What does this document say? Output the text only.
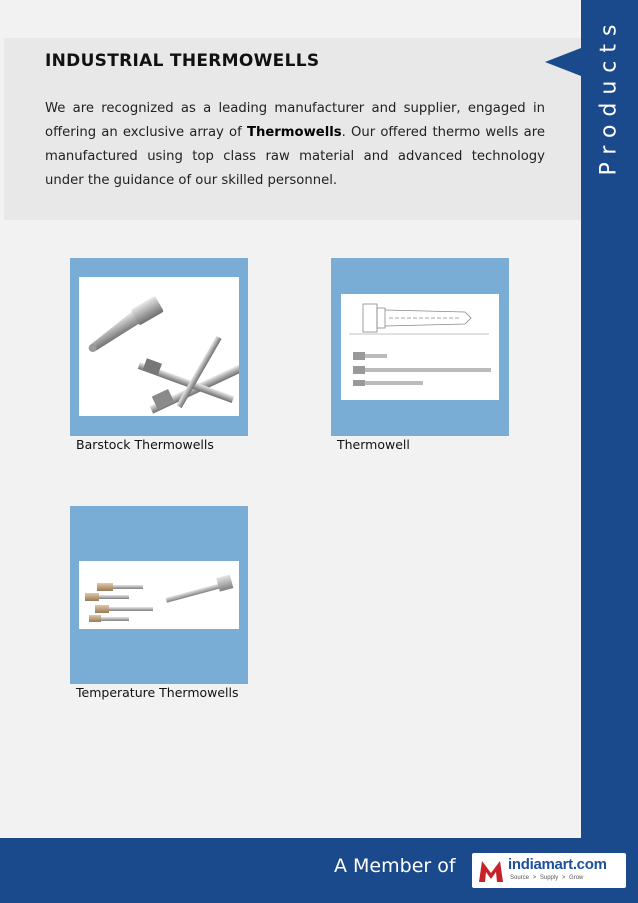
INDUSTRIAL THERMOWELLS

We are recognized as a leading manufacturer and supplier, engaged in offering an exclusive array of Thermowells. Our offered thermo wells are manufactured using top class raw material and advanced technology under the guidance of our skilled personnel.

Products
Barstock Thermowells	Thermowell
Temperature Thermowells
A Member of	indiamart.com
Source > Supply > Grow
